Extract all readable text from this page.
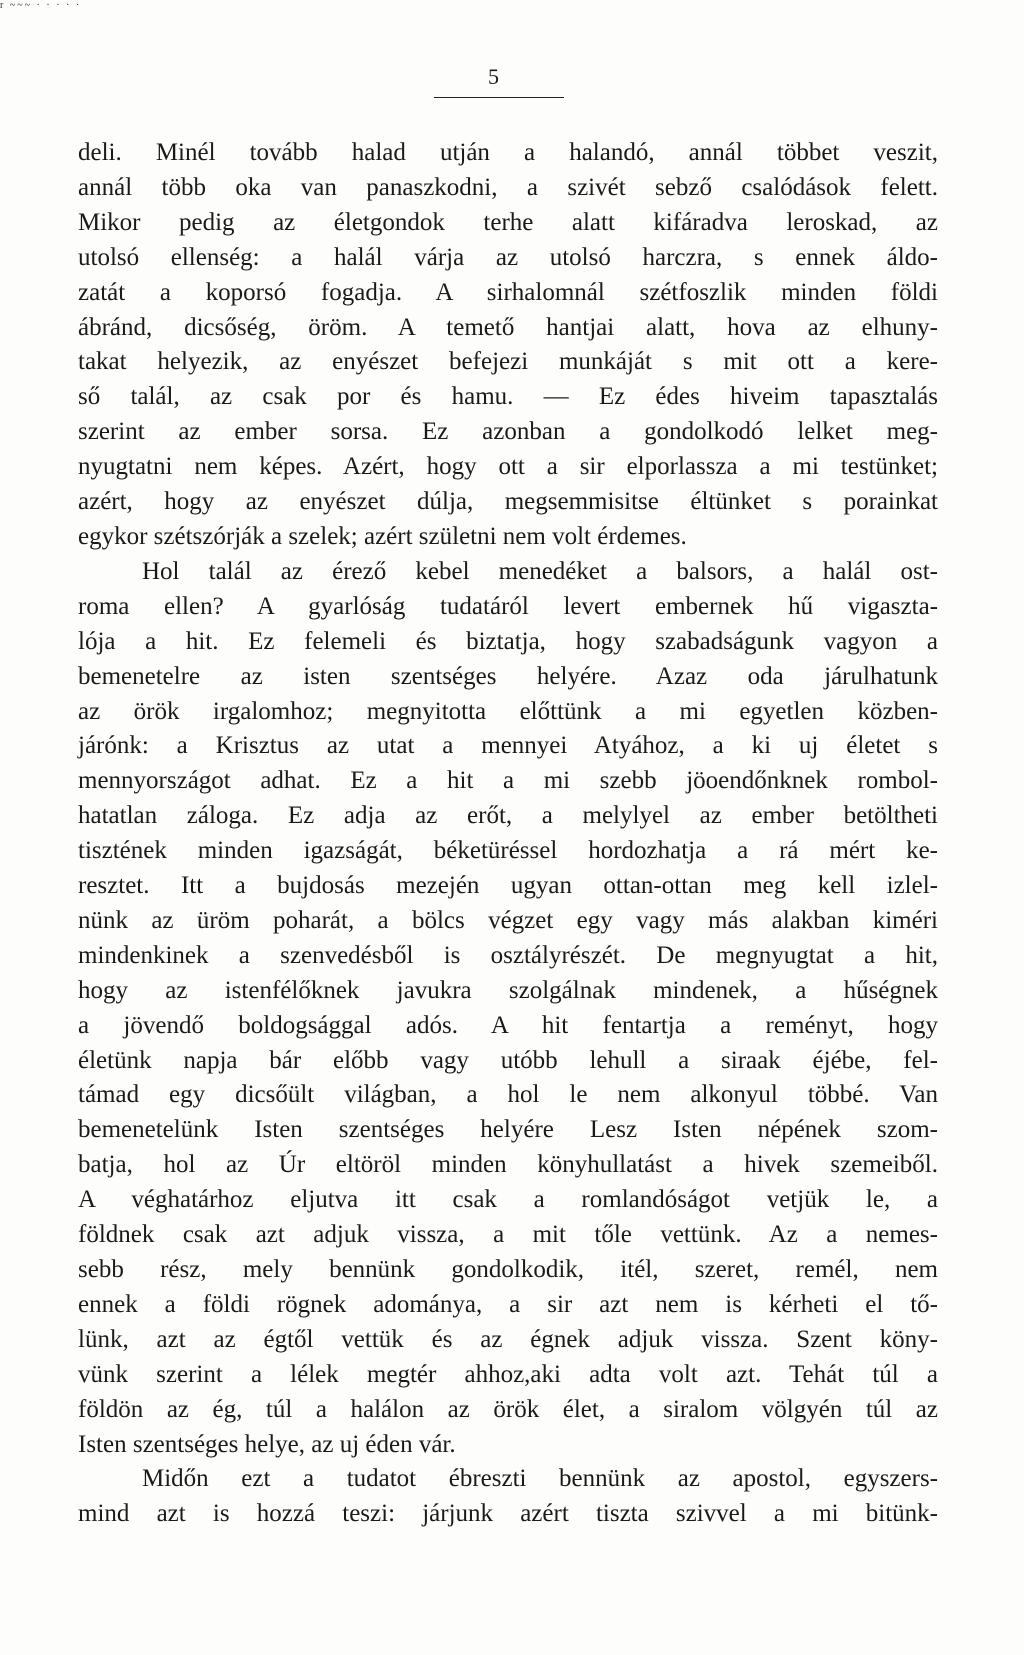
r ~~~ · · · · ·
5

deli. Minél tovább halad utján a halandó, annál többet veszit,
annál több oka van panaszkodni, a szivét sebző csalódások felett.
Mikor pedig az életgondok terhe alatt kifáradva leroskad, az
utolsó ellenség: a halál várja az utolsó harczra, s ennek áldo-
zatát a koporsó fogadja. A sirhalomnál szétfoszlik minden földi
ábránd, dicsőség, öröm. A temető hantjai alatt, hova az elhuny-
takat helyezik, az enyészet befejezi munkáját s mit ott a kere-
ső talál, az csak por és hamu. — Ez édes hiveim tapasztalás
szerint az ember sorsa. Ez azonban a gondolkodó lelket meg-
nyugtatni nem képes. Azért, hogy ott a sir elporlassza a mi testünket;
azért, hogy az enyészet dúlja, megsemmisitse éltünket s porainkat
egykor szétszórják a szelek; azért születni nem volt érdemes.

Hol talál az érező kebel menedéket a balsors, a halál ost-
roma ellen? A gyarlóság tudatáról levert embernek hű vigaszta-
lója a hit. Ez felemeli és biztatja, hogy szabadságunk vagyon a
bemenetelre az isten szentséges helyére. Azaz oda járulhatunk
az örök irgalomhoz; megnyitotta előttünk a mi egyetlen közben-
járónk: a Krisztus az utat a mennyei Atyához, a ki uj életet s
mennyországot adhat. Ez a hit a mi szebb jöoendőnknek rombol-
hatatlan záloga. Ez adja az erőt, a melylyel az ember betöltheti
tisztének minden igazságát, béketüréssel hordozhatja a rá mért ke-
resztet. Itt a bujdosás mezején ugyan ottan-ottan meg kell izlel-
nünk az üröm poharát, a bölcs végzet egy vagy más alakban kiméri
mindenkinek a szenvedésből is osztályrészét. De megnyugtat a hit,
hogy az istenfélőknek javukra szolgálnak mindenek, a hűségnek
a jövendő boldogsággal adós. A hit fentartja a reményt, hogy
életünk napja bár előbb vagy utóbb lehull a siraak éjébe, fel-
támad egy dicsőült világban, a hol le nem alkonyul többé. Van
bemenetelünk Isten szentséges helyére Lesz Isten népének szom-
batja, hol az Úr eltöröl minden könyhullatást a hivek szemeiből.
A véghatárhoz eljutva itt csak a romlandóságot vetjük le, a
földnek csak azt adjuk vissza, a mit tőle vettünk. Az a nemes-
sebb rész, mely bennünk gondolkodik, itél, szeret, remél, nem
ennek a földi rögnek adománya, a sir azt nem is kérheti el tő-
lünk, azt az égtől vettük és az égnek adjuk vissza. Szent köny-
vünk szerint a lélek megtér ahhoz,aki adta volt azt. Tehát túl a
földön az ég, túl a halálon az örök élet, a siralom völgyén túl az
Isten szentséges helye, az uj éden vár.

Midőn ezt a tudatot ébreszti bennünk az apostol, egyszers-
mind azt is hozzá teszi: járjunk azért tiszta szivvel a mi bitünk-
